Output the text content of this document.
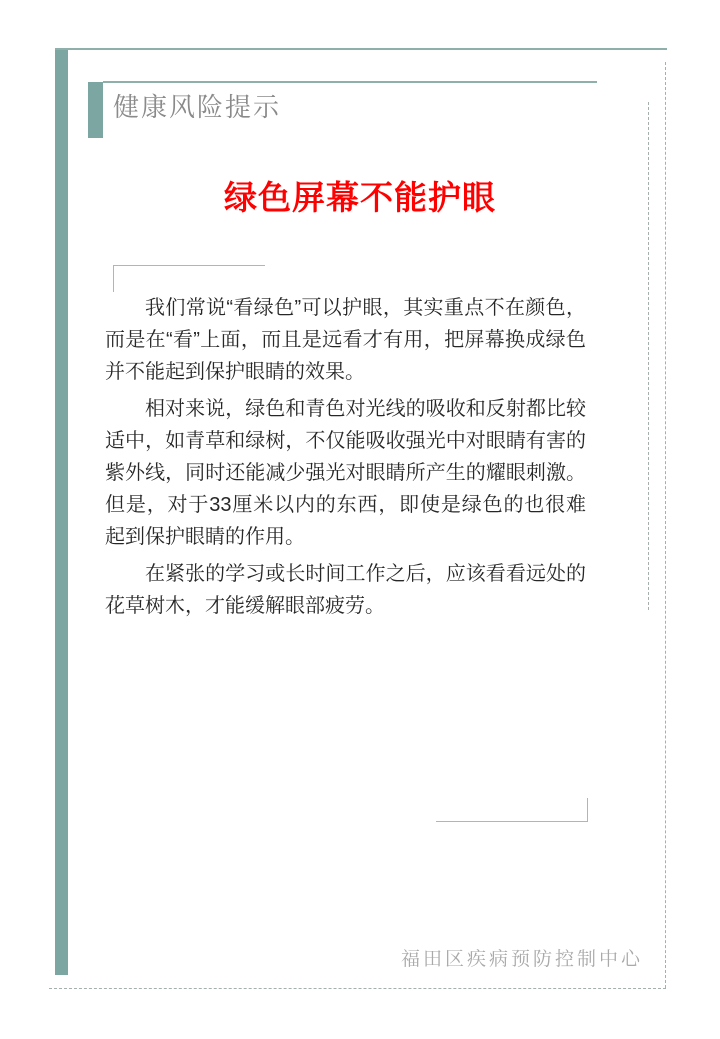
健康风险提示
绿色屏幕不能护眼

我们常说“看绿色”可以护眼，其实重点不在颜色，而是在“看”上面，而且是远看才有用，把屏幕换成绿色并不能起到保护眼睛的效果。

相对来说，绿色和青色对光线的吸收和反射都比较适中，如青草和绿树，不仅能吸收强光中对眼睛有害的紫外线，同时还能减少强光对眼睛所产生的耀眼刺激。但是，对于33厘米以内的东西，即使是绿色的也很难起到保护眼睛的作用。

在紧张的学习或长时间工作之后，应该看看远处的花草树木，才能缓解眼部疲劳。

福田区疾病预防控制中心
